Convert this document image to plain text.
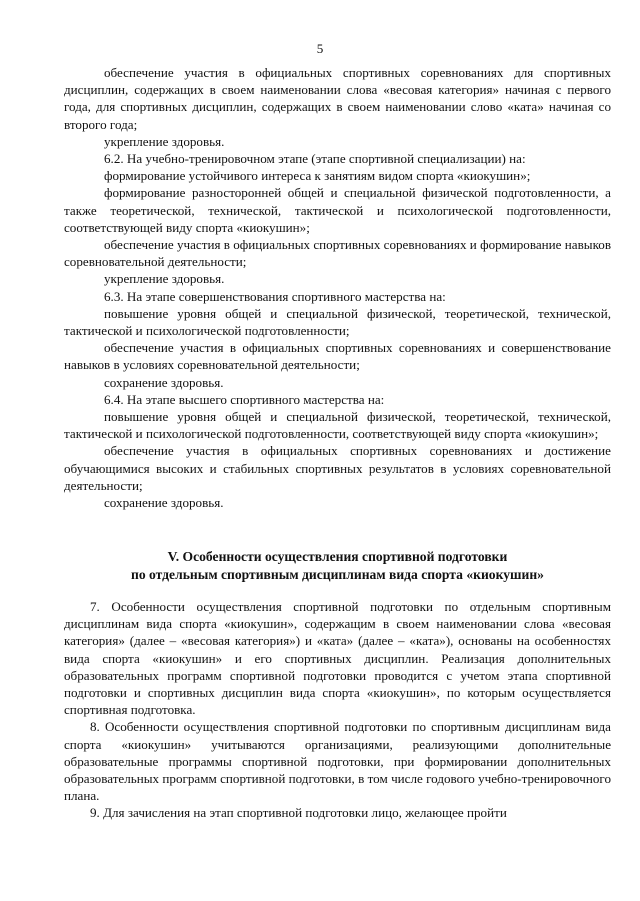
5

обеспечение участия в официальных спортивных соревнованиях для спортивных дисциплин, содержащих в своем наименовании слова «весовая категория» начиная с первого года, для спортивных дисциплин, содержащих в своем наименовании слово «ката» начиная со второго года;

укрепление здоровья.

6.2. На учебно-тренировочном этапе (этапе спортивной специализации) на:

формирование устойчивого интереса к занятиям видом спорта «киокушин»;

формирование разносторонней общей и специальной физической подготовленности, а также теоретической, технической, тактической и психологической подготовленности, соответствующей виду спорта «киокушин»;

обеспечение участия в официальных спортивных соревнованиях и формирование навыков соревновательной деятельности;

укрепление здоровья.

6.3. На этапе совершенствования спортивного мастерства на:

повышение уровня общей и специальной физической, теоретической, технической, тактической и психологической подготовленности;

обеспечение участия в официальных спортивных соревнованиях и совершенствование навыков в условиях соревновательной деятельности;

сохранение здоровья.

6.4. На этапе высшего спортивного мастерства на:

повышение уровня общей и специальной физической, теоретической, технической, тактической и психологической подготовленности, соответствующей виду спорта «киокушин»;

обеспечение участия в официальных спортивных соревнованиях и достижение обучающимися высоких и стабильных спортивных результатов в условиях соревновательной деятельности;

сохранение здоровья.

V. Особенности осуществления спортивной подготовки
по отдельным спортивным дисциплинам вида спорта «киокушин»

7. Особенности осуществления спортивной подготовки по отдельным спортивным дисциплинам вида спорта «киокушин», содержащим в своем наименовании слова «весовая категория» (далее – «весовая категория») и «ката» (далее – «ката»), основаны на особенностях вида спорта «киокушин» и его спортивных дисциплин. Реализация дополнительных образовательных программ спортивной подготовки проводится с учетом этапа спортивной подготовки и спортивных дисциплин вида спорта «киокушин», по которым осуществляется спортивная подготовка.

8. Особенности осуществления спортивной подготовки по спортивным дисциплинам вида спорта «киокушин» учитываются организациями, реализующими дополнительные образовательные программы спортивной подготовки, при формировании дополнительных образовательных программ спортивной подготовки, в том числе годового учебно-тренировочного плана.

9. Для зачисления на этап спортивной подготовки лицо, желающее пройти
